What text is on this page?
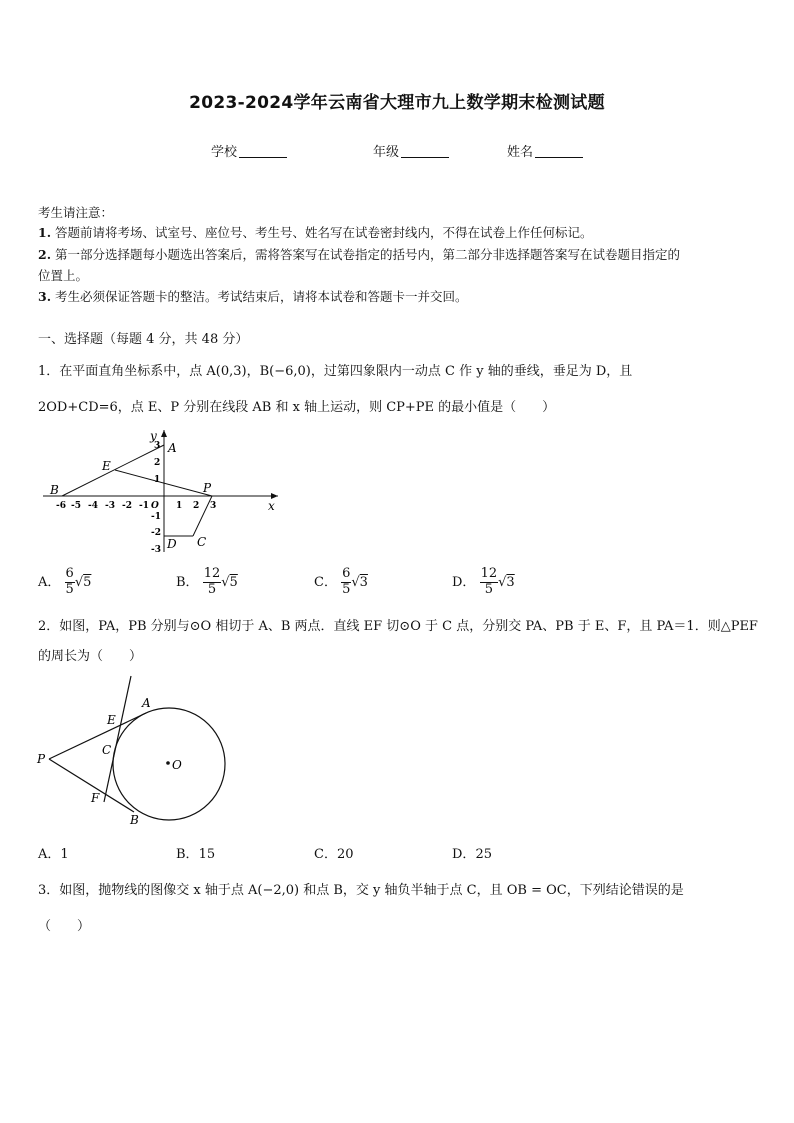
2023-2024学年云南省大理市九上数学期末检测试题
学校	年级	姓名
考生请注意：
1. 答题前请将考场、试室号、座位号、考生号、姓名写在试卷密封线内，不得在试卷上作任何标记。
2. 第一部分选择题每小题选出答案后，需将答案写在试卷指定的括号内，第二部分非选择题答案写在试卷题目指定的
位置上。
3. 考生必须保证答题卡的整洁。考试结束后，请将本试卷和答题卡一并交回。
一、选择题（每题 4 分，共 48 分）
1．在平面直角坐标系中，点 A(0,3)，B(−6,0)，过第四象限内一动点 C 作 y 轴的垂线，垂足为 D，且
2OD+CD=6，点 E、P 分别在线段 AB 和 x 轴上运动，则 CP+PE 的最小值是（　　）
-6 -5 -4 -3 -2 -1 O 1 2 3
3
2
1
-1
-2
-3
B
A
E
P
D C
x
y
A． $\frac{6}{5} √5$	B． $\frac{12}{5} √5$	C． $\frac{6}{5} √3$	D． $\frac{12}{5} √3$
2．如图，PA，PB 分别与⊙O 相切于 A、B 两点．直线 EF 切⊙O 于 C 点，分别交 PA、PB 于 E、F，且 PA＝1．则△PEF
的周长为（　　）
P
A
B
E
F
C
O
A．1	B．15	C．20	D．25
3．如图，抛物线的图像交 x 轴于点 A(−2,0) 和点 B，交 y 轴负半轴于点 C，且 OB = OC，下列结论错误的是
（　　）
